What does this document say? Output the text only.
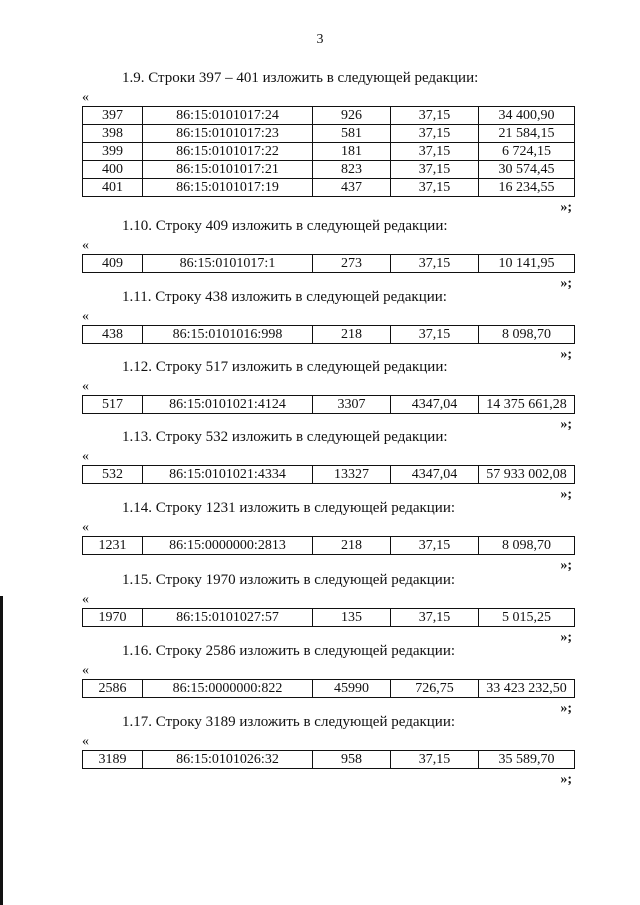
3
1.9. Строки 397 – 401 изложить в следующей редакции:
«
397	86:15:0101017:24	926	37,15	34 400,90
398	86:15:0101017:23	581	37,15	21 584,15
399	86:15:0101017:22	181	37,15	6 724,15
400	86:15:0101017:21	823	37,15	30 574,45
401	86:15:0101017:19	437	37,15	16 234,55
»;
1.10. Строку 409 изложить в следующей редакции:
«
409	86:15:0101017:1	273	37,15	10 141,95
»;
1.11. Строку 438 изложить в следующей редакции:
«
438	86:15:0101016:998	218	37,15	8 098,70
»;
1.12. Строку 517 изложить в следующей редакции:
«
517	86:15:0101021:4124	3307	4347,04	14 375 661,28
»;
1.13. Строку 532 изложить в следующей редакции:
«
532	86:15:0101021:4334	13327	4347,04	57 933 002,08
»;
1.14. Строку 1231 изложить в следующей редакции:
«
1231	86:15:0000000:2813	218	37,15	8 098,70
»;
1.15. Строку 1970 изложить в следующей редакции:
«
1970	86:15:0101027:57	135	37,15	5 015,25
»;
1.16. Строку 2586 изложить в следующей редакции:
«
2586	86:15:0000000:822	45990	726,75	33 423 232,50
»;
1.17. Строку 3189 изложить в следующей редакции:
«
3189	86:15:0101026:32	958	37,15	35 589,70
»;
